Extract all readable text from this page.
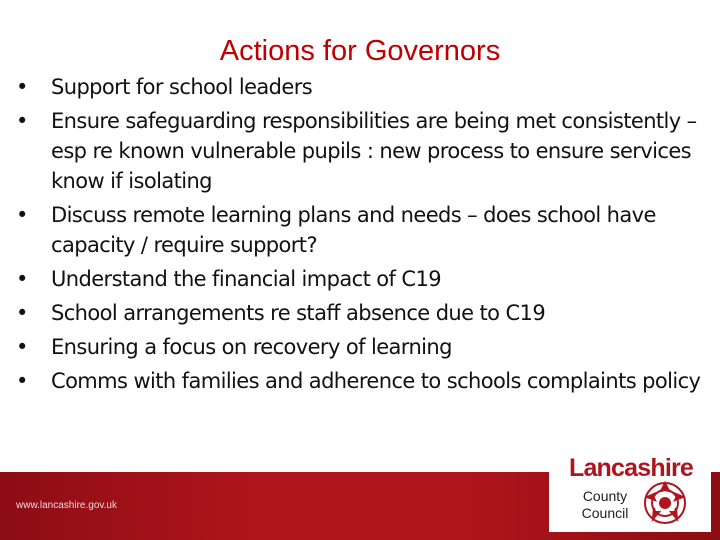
Actions for Governors
• Support for school leaders
• Ensure safeguarding responsibilities are being met consistently – esp re known vulnerable pupils : new process to ensure services know if isolating
• Discuss remote learning plans and needs – does school have capacity / require support?
• Understand the financial impact of C19
• School arrangements re staff absence due to C19
• Ensuring a focus on recovery of learning
• Comms with families and adherence to schools complaints policy
www.lancashire.gov.uk
Lancashire
County
Council
